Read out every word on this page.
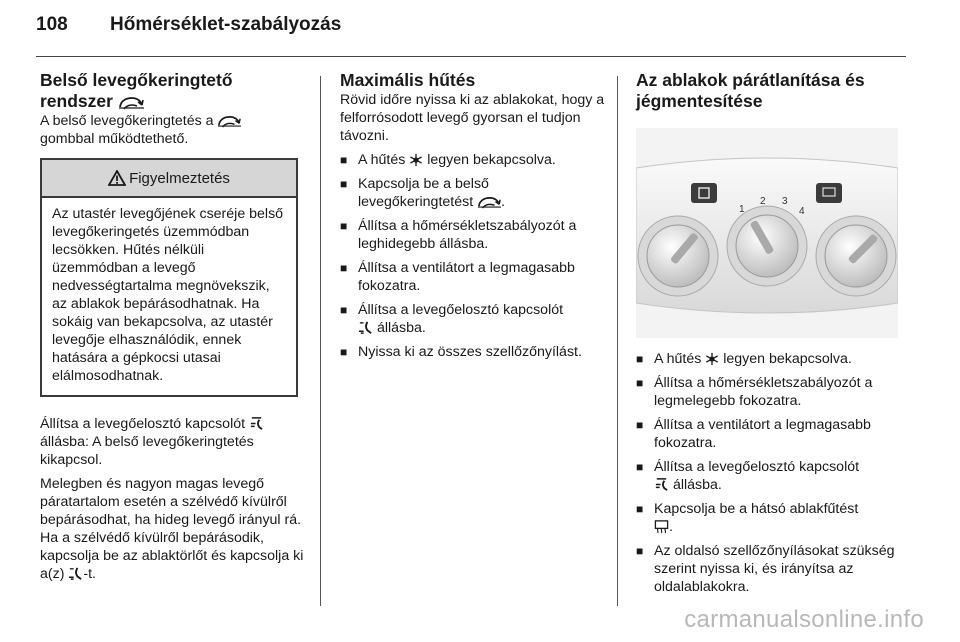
108 Hőmérséklet-szabályozás
Belső levegőkeringtető
rendszer

A belső levegőkeringtetés a
gombbal működtethető.

Figyelmeztetés
Az utastér levegőjének cseréje belső levegőkeringetés üzemmódban lecsökken. Hűtés nélküli üzemmódban a levegő nedvességtartalma megnövekszik, az ablakok bepárásodhatnak. Ha sokáig van bekapcsolva, az utastér levegője elhasználódik, ennek hatására a gépkocsi utasai elálmosodhatnak.

Állítsa a levegőelosztó kapcsolót  állásba: A belső levegőkeringtetés kikapcsol.

Melegben és nagyon magas levegő páratartalom esetén a szélvédő kívülről bepárásodhat, ha hideg levegő irányul rá. Ha a szélvédő kívülről bepárásodik, kapcsolja be az ablaktörlőt és kapcsolja ki a(z) -t.

Maximális hűtés

Rövid időre nyissa ki az ablakokat, hogy a felforrósodott levegő gyorsan el tudjon távozni.

■ A hűtés legyen bekapcsolva.
■ Kapcsolja be a belső levegőkeringtetést .
■ Állítsa a hőmérsékletszabályozót a leghidegebb állásba.
■ Állítsa a ventilátort a legmagasabb fokozatra.
■ Állítsa a levegőelosztó kapcsolót
állásba.
■ Nyissa ki az összes szellőzőnyílást.
Az ablakok párátlanítása és jégmentesítése
1
2 3
4
■ A hűtés legyen bekapcsolva.
■ Állítsa a hőmérsékletszabályozót a legmelegebb fokozatra.
■ Állítsa a ventilátort a legmagasabb fokozatra.
■ Állítsa a levegőelosztó kapcsolót
állásba.
■ Kapcsolja be a hátsó ablakfűtést
.
■ Az oldalsó szellőzőnyílásokat szükség szerint nyissa ki, és irányítsa az oldalablakokra.
carmanualsonline.info
